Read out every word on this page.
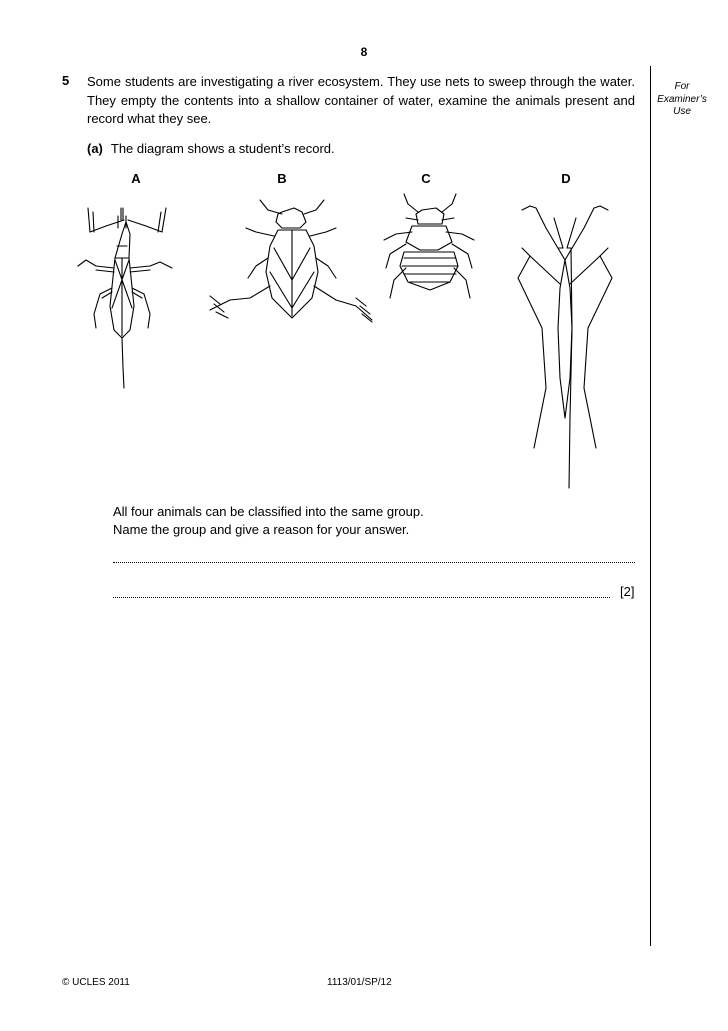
8
5 Some students are investigating a river ecosystem. They use nets to sweep through the water. They empty the contents into a shallow container of water, examine the animals present and record what they see.
For
Examiner’s
Use
(a) The diagram shows a student’s record.
A	B	C	D
All four animals can be classified into the same group.
Name the group and give a reason for your answer.
[2]
© UCLES 2011	1113/01/SP/12
